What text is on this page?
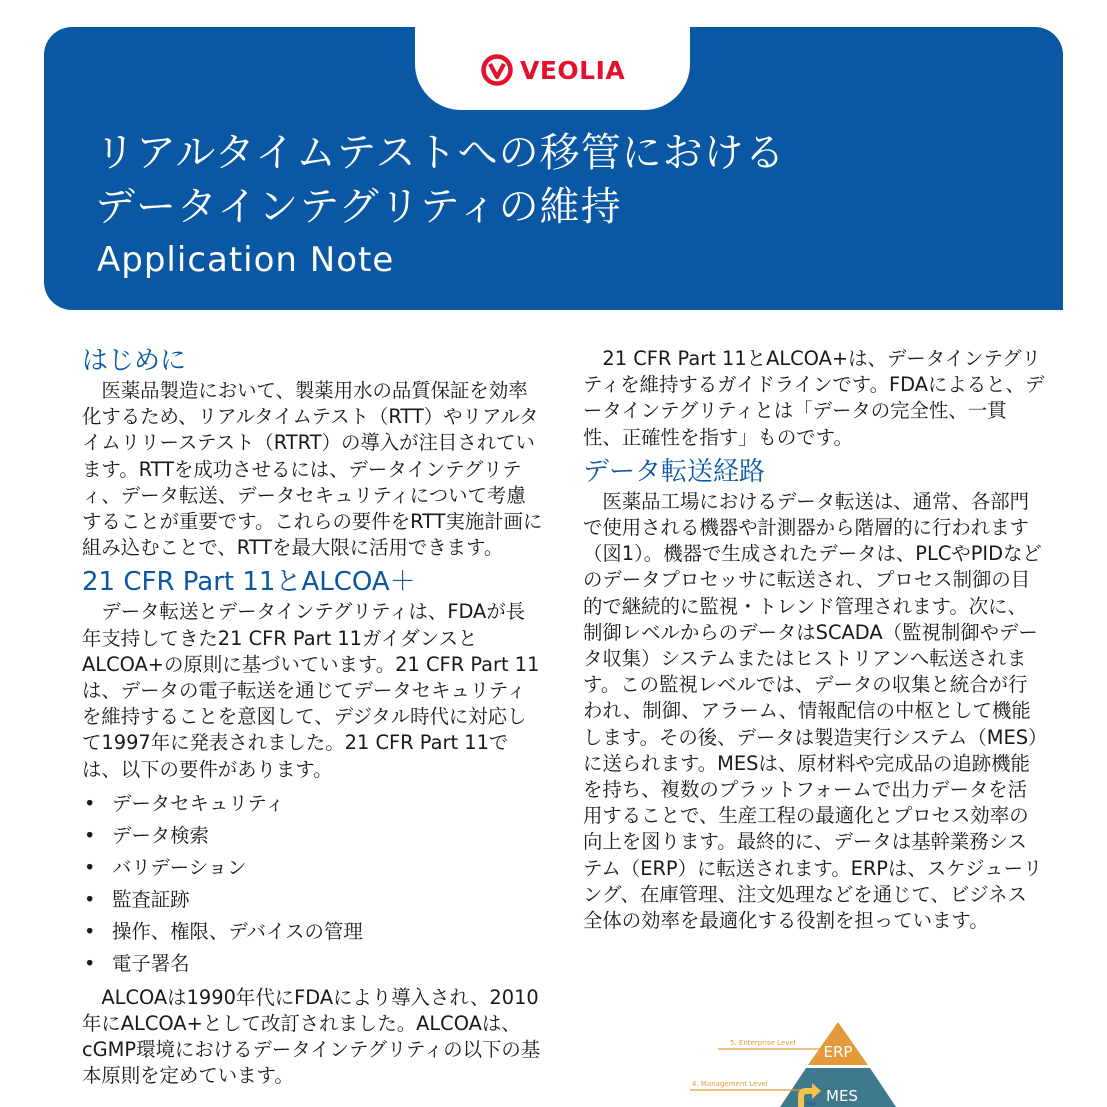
VEOLIA
リアルタイムテストへの移管における
データインテグリティの維持
Application Note
はじめに

　医薬品製造において、製薬用水の品質保証を効率化するため、リアルタイムテスト（RTT）やリアルタイムリリーステスト（RTRT）の導入が注目されています。RTTを成功させるには、データインテグリティ、データ転送、データセキュリティについて考慮することが重要です。これらの要件をRTT実施計画に組み込むことで、RTTを最大限に活用できます。

21 CFR Part 11とALCOA＋

　データ転送とデータインテグリティは、FDAが長年支持してきた21 CFR Part 11ガイダンスとALCOA+の原則に基づいています。21 CFR Part 11は、データの電子転送を通じてデータセキュリティを維持することを意図して、デジタル時代に対応して1997年に発表されました。21 CFR Part 11では、以下の要件があります。

• データセキュリティ
• データ検索
• バリデーション
• 監査証跡
• 操作、権限、デバイスの管理
• 電子署名

　ALCOAは1990年代にFDAにより導入され、2010年にALCOA+として改訂されました。ALCOAは、cGMP環境におけるデータインテグリティの以下の基本原則を定めています。

　21 CFR Part 11とALCOA+は、データインテグリティを維持するガイドラインです。FDAによると、データインテグリティとは「データの完全性、一貫性、正確性を指す」ものです。

データ転送経路

　医薬品工場におけるデータ転送は、通常、各部門で使用される機器や計測器から階層的に行われます（図1）。機器で生成されたデータは、PLCやPIDなどのデータプロセッサに転送され、プロセス制御の目的で継続的に監視・トレンド管理されます。次に、制御レベルからのデータはSCADA（監視制御やデータ収集）システムまたはヒストリアンへ転送されます。この監視レベルでは、データの収集と統合が行われ、制御、アラーム、情報配信の中枢として機能します。その後、データは製造実行システム（MES）に送られます。MESは、原材料や完成品の追跡機能を持ち、複数のプラットフォームで出力データを活用することで、生産工程の最適化とプロセス効率の向上を図ります。最終的に、データは基幹業務システム（ERP）に転送されます。ERPは、スケジューリング、在庫管理、注文処理などを通じて、ビジネス全体の効率を最適化する役割を担っています。

5. Enterprise Level
4. Management Level
ERP
MES
ERP
